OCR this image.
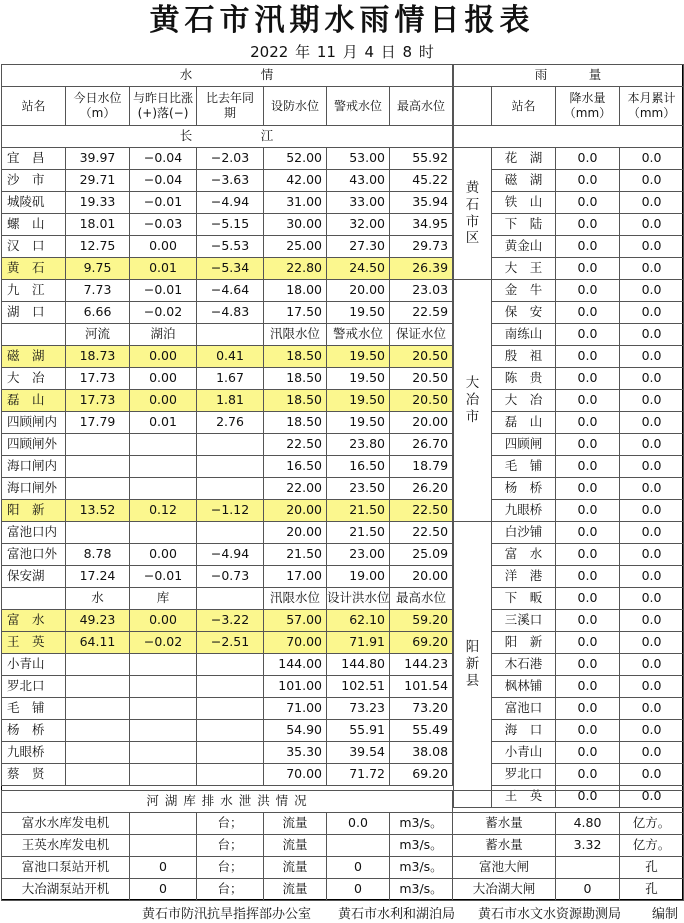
黄石市汛期水雨情日报表
2022 年 11 月 4 日 8 时
水　　　　　情						
站名	今日水位（m）	与昨日比涨(+)落(−)	比去年同　期	设防水位	警戒水位	最高水位
长　　　　　江						
宜　昌	39.97	−0.04	−2.03	52.00	53.00	55.92
沙　市	29.71	−0.04	−3.63	42.00	43.00	45.22
城陵矶	19.33	−0.01	−4.94	31.00	33.00	35.94
螺　山	18.01	−0.03	−5.15	30.00	32.00	34.95
汉　口	12.75	0.00	−5.53	25.00	27.30	29.73
黄　石	9.75	0.01	−5.34	22.80	24.50	26.39
九　江	7.73	−0.01	−4.64	18.00	20.00	23.03
湖　口	6.66	−0.02	−4.83	17.50	19.50	22.59
	河流	湖泊		汛限水位	警戒水位	保证水位
磁　湖	18.73	0.00	0.41	18.50	19.50	20.50
大　冶	17.73	0.00	1.67	18.50	19.50	20.50
磊　山	17.73	0.00	1.81	18.50	19.50	20.50
四顾闸内	17.79	0.01	2.76	18.50	19.50	20.00
四顾闸外				22.50	23.80	26.70
海口闸内				16.50	16.50	18.79
海口闸外				22.00	23.50	26.20
阳　新	13.52	0.12	−1.12	20.00	21.50	22.50
富池口内				20.00	21.50	22.50
富池口外	8.78	0.00	−4.94	21.50	23.00	25.09
保安湖	17.24	−0.01	−0.73	17.00	19.00	20.00
	水	库		汛限水位	设计洪水位	最高水位
富　水	49.23	0.00	−3.22	57.00	62.10	59.20
王　英	64.11	−0.02	−2.51	70.00	71.91	69.20
小青山				144.00	144.80	144.23
罗北口				101.00	102.51	101.54
毛　铺				71.00	73.23	73.20
杨　桥				54.90	55.91	55.49
九眼桥				35.30	39.54	38.08
蔡　贤				70.00	71.72	69.20
雨　　　量			
	站名	降水量（mm）	本月累计（mm）

黄
石
市
区	花　湖	0.0	0.0
	磁　湖	0.0	0.0
	铁　山	0.0	0.0
	下　陆	0.0	0.0
	黄金山	0.0	0.0
	大　王	0.0	0.0

大
冶
市	金　牛	0.0	0.0
	保　安	0.0	0.0
	南练山	0.0	0.0
	殷　祖	0.0	0.0
	陈　贵	0.0	0.0
	大　冶	0.0	0.0
	磊　山	0.0	0.0
	四顾闸	0.0	0.0
	毛　铺	0.0	0.0
	杨　桥	0.0	0.0
	九眼桥	0.0	0.0

阳
新
县	白沙铺	0.0	0.0
	富　水	0.0	0.0
	洋　港	0.0	0.0
	下　畈	0.0	0.0
	三溪口	0.0	0.0
	阳　新	0.0	0.0
	木石港	0.0	0.0
	枫林铺	0.0	0.0
	富池口	0.0	0.0
	海　口	0.0	0.0
	小青山	0.0	0.0
	罗北口	0.0	0.0
	王　英	0.0	0.0
河 湖 库 排 水 泄 洪 情 况								
富水水库发电机		台；	流量	0.0	m3/s。	蓄水量	4.80	亿方。
王英水库发电机		台；	流量		m3/s。	蓄水量	3.32	亿方。
富池口泵站开机	0	台；	流量	0	m3/s。	富池大闸		孔
大冶湖泵站开机	0	台；	流量	0	m3/s。	大冶湖大闸	0	孔
黄石市防汛抗旱指挥部办公室 黄石市水利和湖泊局 黄石市水文水资源勘测局 编制
